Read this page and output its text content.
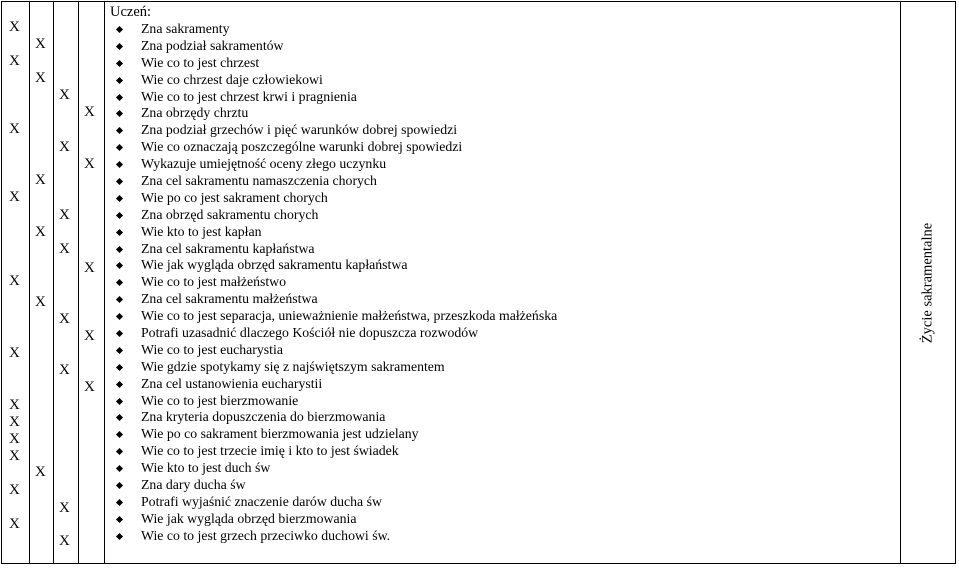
X
X
X
X
X
X
X
X
X
X
X
X
X
X
X
X
X
X
X
X
X
X
X
X
X
X
X
X
X
X
X
Uczeń:
Zna sakramenty
Zna podział sakramentów
Wie co to jest chrzest
Wie co chrzest daje człowiekowi
Wie co to jest chrzest krwi i pragnienia
Zna obrzędy chrztu
Zna podział grzechów i pięć warunków dobrej spowiedzi
Wie co oznaczają poszczególne warunki dobrej spowiedzi
Wykazuje umiejętność oceny złego uczynku
Zna cel sakramentu namaszczenia chorych
Wie po co jest sakrament chorych
Zna obrzęd sakramentu chorych
Wie kto to jest kapłan
Zna cel sakramentu kapłaństwa
Wie jak wygląda obrzęd sakramentu kapłaństwa
Wie co to jest małżeństwo
Zna cel sakramentu małżeństwa
Wie co to jest separacja, unieważnienie małżeństwa, przeszkoda małżeńska
Potrafi uzasadnić dlaczego Kościół nie dopuszcza rozwodów
Wie co to jest eucharystia
Wie gdzie spotykamy się z najświętszym sakramentem
Zna cel ustanowienia eucharystii
Wie co to jest bierzmowanie
Zna kryteria dopuszczenia do bierzmowania
Wie po co sakrament bierzmowania jest udzielany
Wie co to jest trzecie imię i kto to jest świadek
Wie kto to jest duch św
Zna dary ducha św
Potrafi wyjaśnić znaczenie darów ducha św
Wie jak wygląda obrzęd bierzmowania
Wie co to jest grzech przeciwko duchowi św.
Życie sakramentalne
